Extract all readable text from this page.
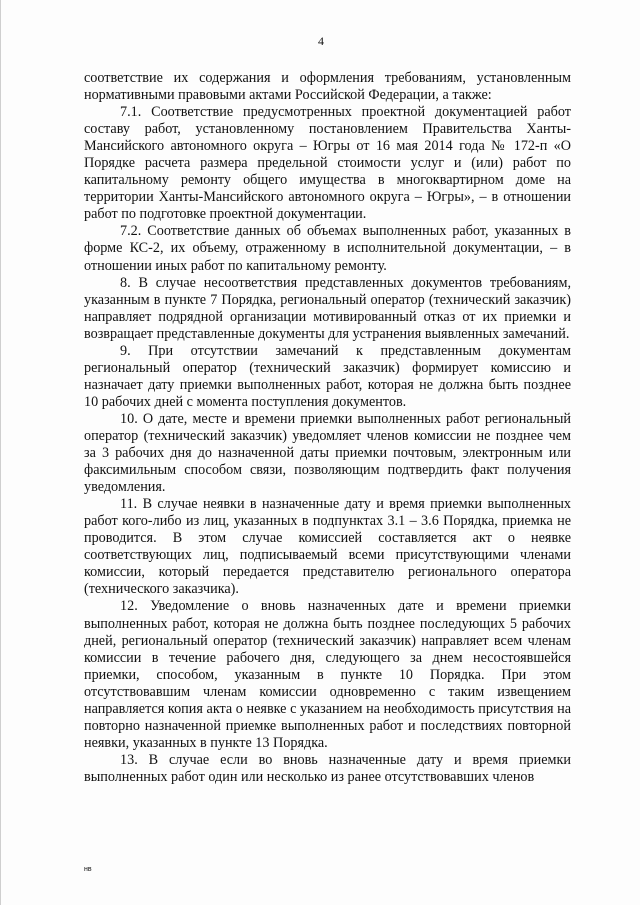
4

соответствие их содержания и оформления требованиям, установленным нормативными правовыми актами Российской Федерации, а также:

7.1. Соответствие предусмотренных проектной документацией работ составу работ, установленному постановлением Правительства Ханты-Мансийского автономного округа – Югры от 16 мая 2014 года № 172-п «О Порядке расчета размера предельной стоимости услуг и (или) работ по капитальному ремонту общего имущества в многоквартирном доме на территории Ханты-Мансийского автономного округа – Югры», – в отношении работ по подготовке проектной документации.

7.2. Соответствие данных об объемах выполненных работ, указанных в форме КС-2, их объему, отраженному в исполнительной документации, – в отношении иных работ по капитальному ремонту.

8. В случае несоответствия представленных документов требованиям, указанным в пункте 7 Порядка, региональный оператор (технический заказчик) направляет подрядной организации мотивированный отказ от их приемки и возвращает представленные документы для устранения выявленных замечаний.

9. При отсутствии замечаний к представленным документам региональный оператор (технический заказчик) формирует комиссию и назначает дату приемки выполненных работ, которая не должна быть позднее 10 рабочих дней с момента поступления документов.

10. О дате, месте и времени приемки выполненных работ региональный оператор (технический заказчик) уведомляет членов комиссии не позднее чем за 3 рабочих дня до назначенной даты приемки почтовым, электронным или факсимильным способом связи, позволяющим подтвердить факт получения уведомления.

11. В случае неявки в назначенные дату и время приемки выполненных работ кого-либо из лиц, указанных в подпунктах 3.1 – 3.6 Порядка, приемка не проводится. В этом случае комиссией составляется акт о неявке соответствующих лиц, подписываемый всеми присутствующими членами комиссии, который передается представителю регионального оператора (технического заказчика).

12. Уведомление о вновь назначенных дате и времени приемки выполненных работ, которая не должна быть позднее последующих 5 рабочих дней, региональный оператор (технический заказчик) направляет всем членам комиссии в течение рабочего дня, следующего за днем несостоявшейся приемки, способом, указанным в пункте 10 Порядка. При этом отсутствовавшим членам комиссии одновременно с таким извещением направляется копия акта о неявке с указанием на необходимость присутствия на повторно назначенной приемке выполненных работ и последствиях повторной неявки, указанных в пункте 13 Порядка.

13. В случае если во вновь назначенные дату и время приемки выполненных работ один или несколько из ранее отсутствовавших членов

нв
